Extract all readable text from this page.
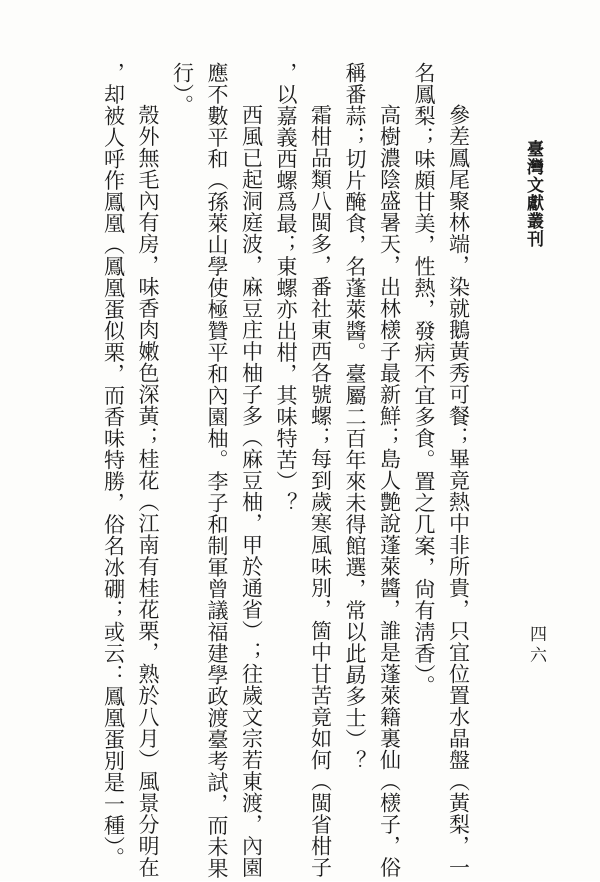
臺灣文獻叢刊
四六
參差鳳尾聚林端，染就鵝黃秀可餐；畢竟熱中非所貴，只宜位置水晶盤（黃梨，一
名鳳梨；味頗甘美，性熱，發病不宜多食。置之几案，尙有淸香）。
高樹濃陰盛暑天，出林檨子最新鮮；島人艶說蓬萊醬，誰是蓬萊籍裏仙（檨子，俗
稱番蒜；切片醃食，名蓬萊醬。臺屬二百年來未得館選，常以此勗多士）？
霜柑品類八閩多，番社東西各號螺；每到歲寒風味別，箇中甘苦竟如何（閩省柑子
，以嘉義西螺爲最；東螺亦出柑，其味特苦）？
西風已起洞庭波，麻豆庄中柚子多（麻豆柚，甲於通省）；往歲文宗若東渡，內園
應不數平和（孫萊山學使極贊平和內園柚。李子和制軍曾議福建學政渡臺考試，而未果
行）。
殼外無毛內有房，味香肉嫩色深黃；桂花（江南有桂花栗，熟於八月）風景分明在
，却被人呼作鳳凰（鳳凰蛋似栗，而香味特勝，俗名冰硼；或云：鳳凰蛋別是一種）。
